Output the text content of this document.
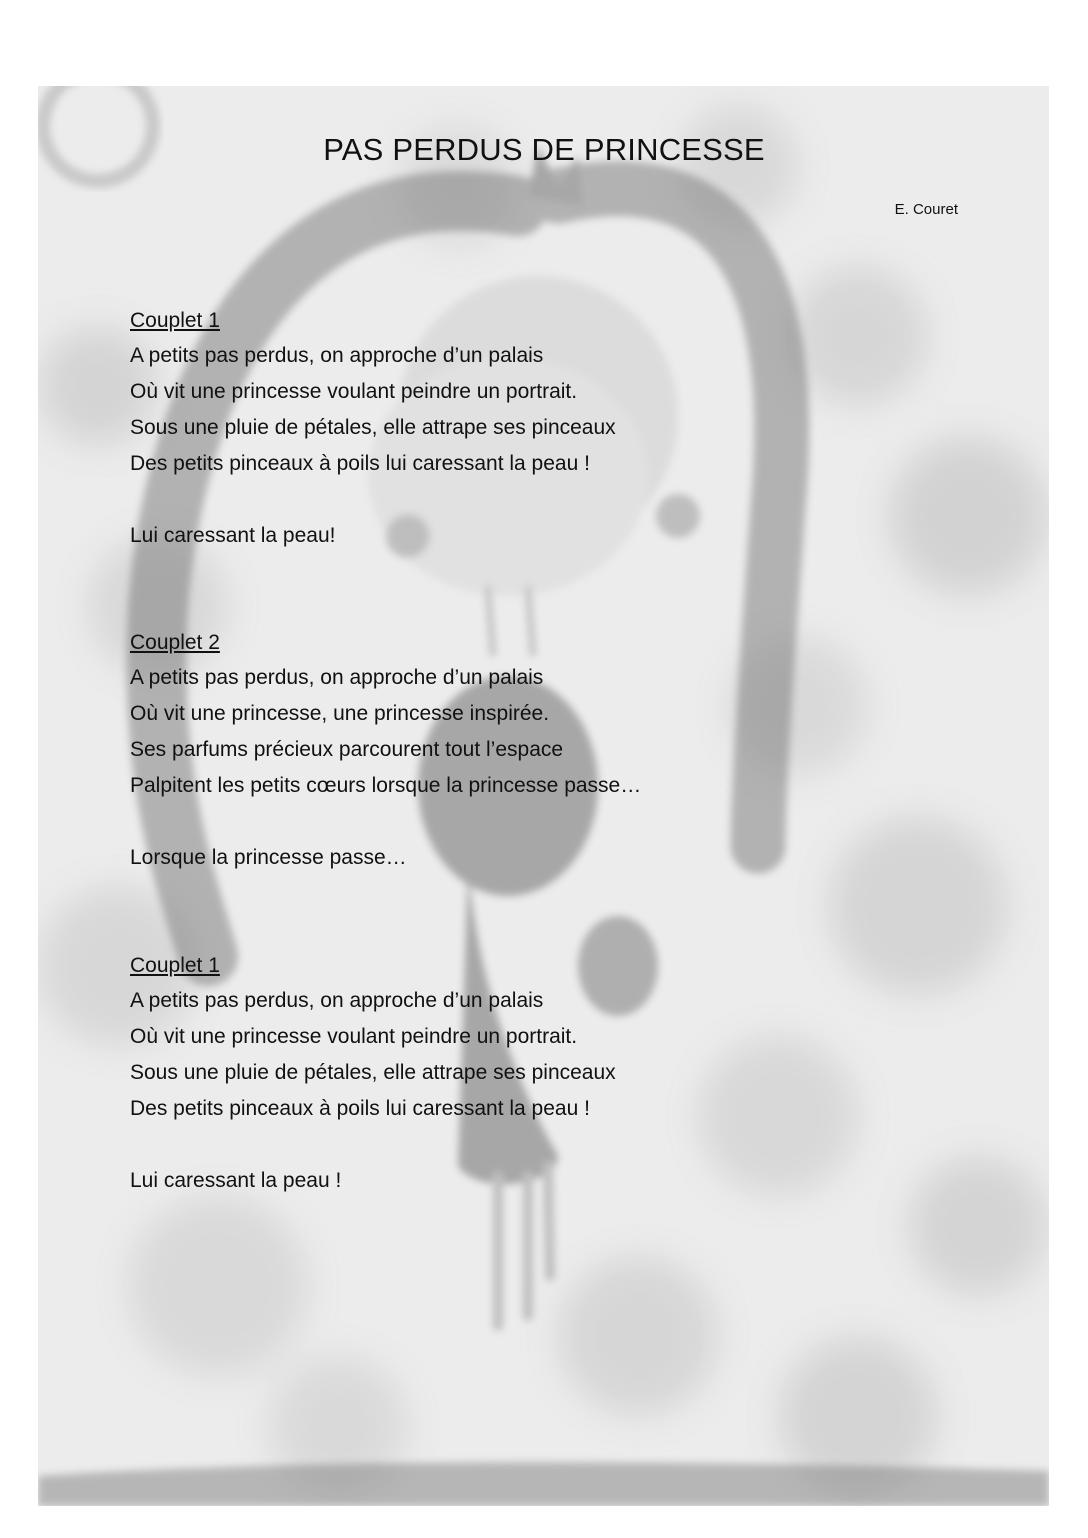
PAS PERDUS DE PRINCESSE
E. Couret
Couplet 1
A petits pas perdus, on approche d’un palais
Où vit une princesse voulant peindre un portrait.
Sous une pluie de pétales, elle attrape ses pinceaux
Des petits pinceaux à poils lui caressant la peau !
Lui caressant la peau!
Couplet 2
A petits pas perdus, on approche d’un palais
Où vit une princesse, une princesse inspirée.
Ses parfums précieux parcourent tout l’espace
Palpitent les petits cœurs lorsque la princesse passe…
Lorsque la princesse passe…
Couplet 1
A petits pas perdus, on approche d’un palais
Où vit une princesse voulant peindre un portrait.
Sous une pluie de pétales, elle attrape ses pinceaux
Des petits pinceaux à poils lui caressant la peau !
Lui caressant la peau !
